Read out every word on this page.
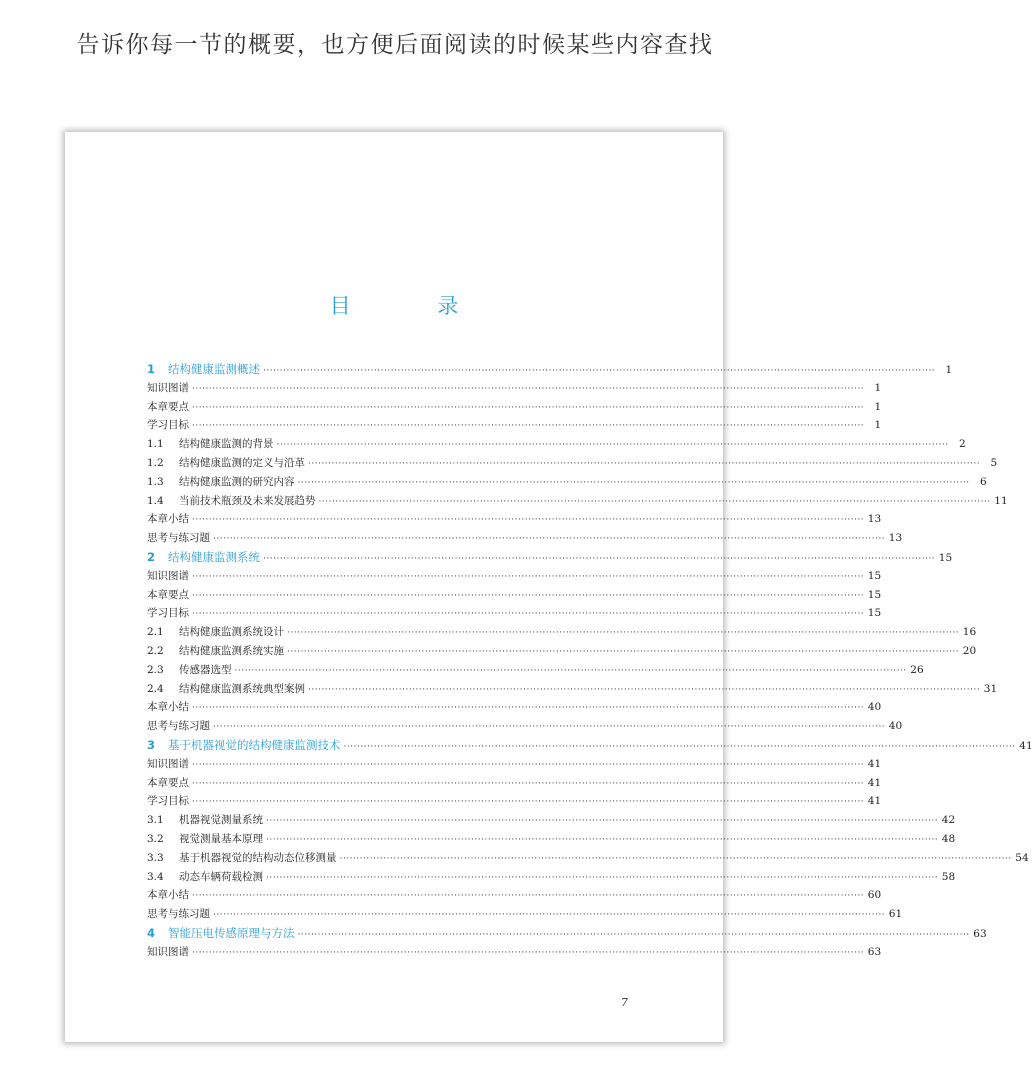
告诉你每一节的概要，也方便后面阅读的时候某些内容查找
目 录
1	结构健康监测概述 ········································································································································································································ 1
知识图谱 ········································································································································································································ 1
本章要点 ········································································································································································································ 1
学习目标 ········································································································································································································ 1
1.1	结构健康监测的背景 ········································································································································································································ 2
1.2	结构健康监测的定义与沿革 ········································································································································································································ 5
1.3	结构健康监测的研究内容 ········································································································································································································ 6
1.4	当前技术瓶颈及未来发展趋势 ········································································································································································································ 11
本章小结 ········································································································································································································ 13
思考与练习题 ········································································································································································································ 13
2	结构健康监测系统 ········································································································································································································ 15
知识图谱 ········································································································································································································ 15
本章要点 ········································································································································································································ 15
学习目标 ········································································································································································································ 15
2.1	结构健康监测系统设计 ········································································································································································································ 16
2.2	结构健康监测系统实施 ········································································································································································································ 20
2.3	传感器选型 ········································································································································································································ 26
2.4	结构健康监测系统典型案例 ········································································································································································································ 31
本章小结 ········································································································································································································ 40
思考与练习题 ········································································································································································································ 40
3	基于机器视觉的结构健康监测技术 ········································································································································································································ 41
知识图谱 ········································································································································································································ 41
本章要点 ········································································································································································································ 41
学习目标 ········································································································································································································ 41
3.1	机器视觉测量系统 ········································································································································································································ 42
3.2	视觉测量基本原理 ········································································································································································································ 48
3.3	基于机器视觉的结构动态位移测量 ········································································································································································································ 54
3.4	动态车辆荷载检测 ········································································································································································································ 58
本章小结 ········································································································································································································ 60
思考与练习题 ········································································································································································································ 61
4	智能压电传感原理与方法 ········································································································································································································ 63
知识图谱 ········································································································································································································ 63
7
